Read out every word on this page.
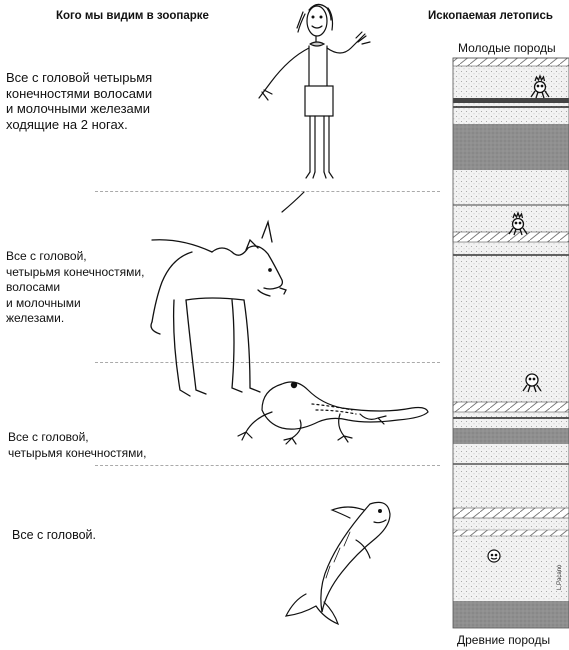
Кого мы видим в зоопарке	Ископаемая летопись
Молодые породы
Древние породы
Все с головой четырьмя
конечностями волосами
и молочными железами
ходящие на 2 ногах.
Все с головой,
четырьмя конечностями,
волосами
и молочными
железами.
Все с головой,
четырьмя конечностями,
Все с головой.
L.Pacano
